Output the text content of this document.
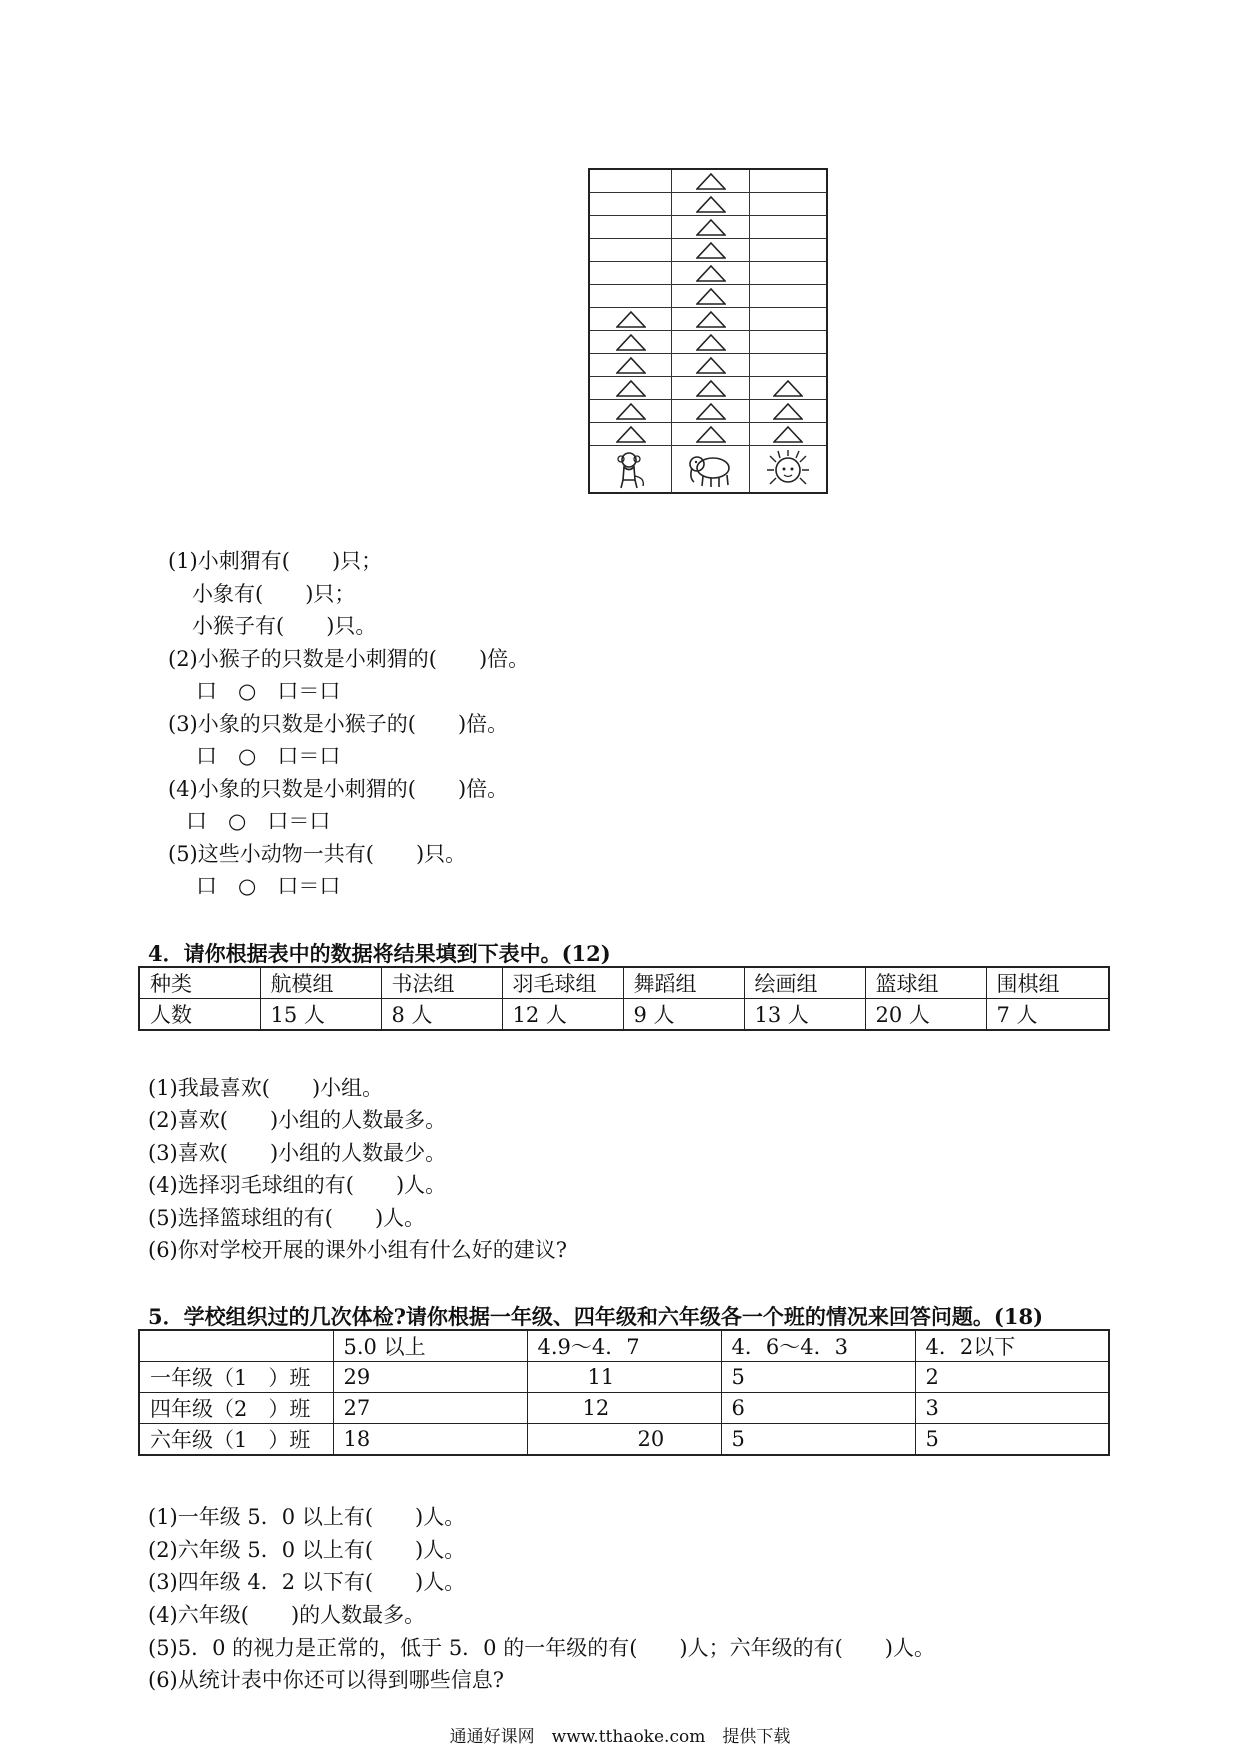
(1)小刺猬有(　　)只；
小象有(　　)只；
小猴子有(　　)只。
(2)小猴子的只数是小刺猬的(　　)倍。
口　○　口＝口
(3)小象的只数是小猴子的(　　)倍。
口　○　口＝口
(4)小象的只数是小刺猬的(　　)倍。
口　○　口＝口
(5)这些小动物一共有(　　)只。
口　○　口＝口
4．请你根据表中的数据将结果填到下表中。(12)
种类	航模组	书法组	羽毛球组	舞蹈组	绘画组	篮球组	围棋组
人数	15 人	8 人	12 人	9 人	13 人	20 人	7 人
(1)我最喜欢(　　)小组。
(2)喜欢(　　)小组的人数最多。
(3)喜欢(　　)小组的人数最少。
(4)选择羽毛球组的有(　　)人。
(5)选择篮球组的有(　　)人。
(6)你对学校开展的课外小组有什么好的建议?
5．学校组织过的几次体检?请你根据一年级、四年级和六年级各一个班的情况来回答问题。(18)
	5.0 以上	4.9～4．7	4．6～4．3	4．2以下
一年级（1　）班	29	11	5	2
四年级（2　）班	27	12	6	3
六年级（1　）班	18	20	5	5
(1)一年级 5．0 以上有(　　)人。
(2)六年级 5．0 以上有(　　)人。
(3)四年级 4．2 以下有(　　)人。
(4)六年级(　　)的人数最多。
(5)5．0 的视力是正常的，低于 5．0 的一年级的有(　　)人；六年级的有(　　)人。
(6)从统计表中你还可以得到哪些信息?
通通好课网　www.tthaoke.com　提供下载
